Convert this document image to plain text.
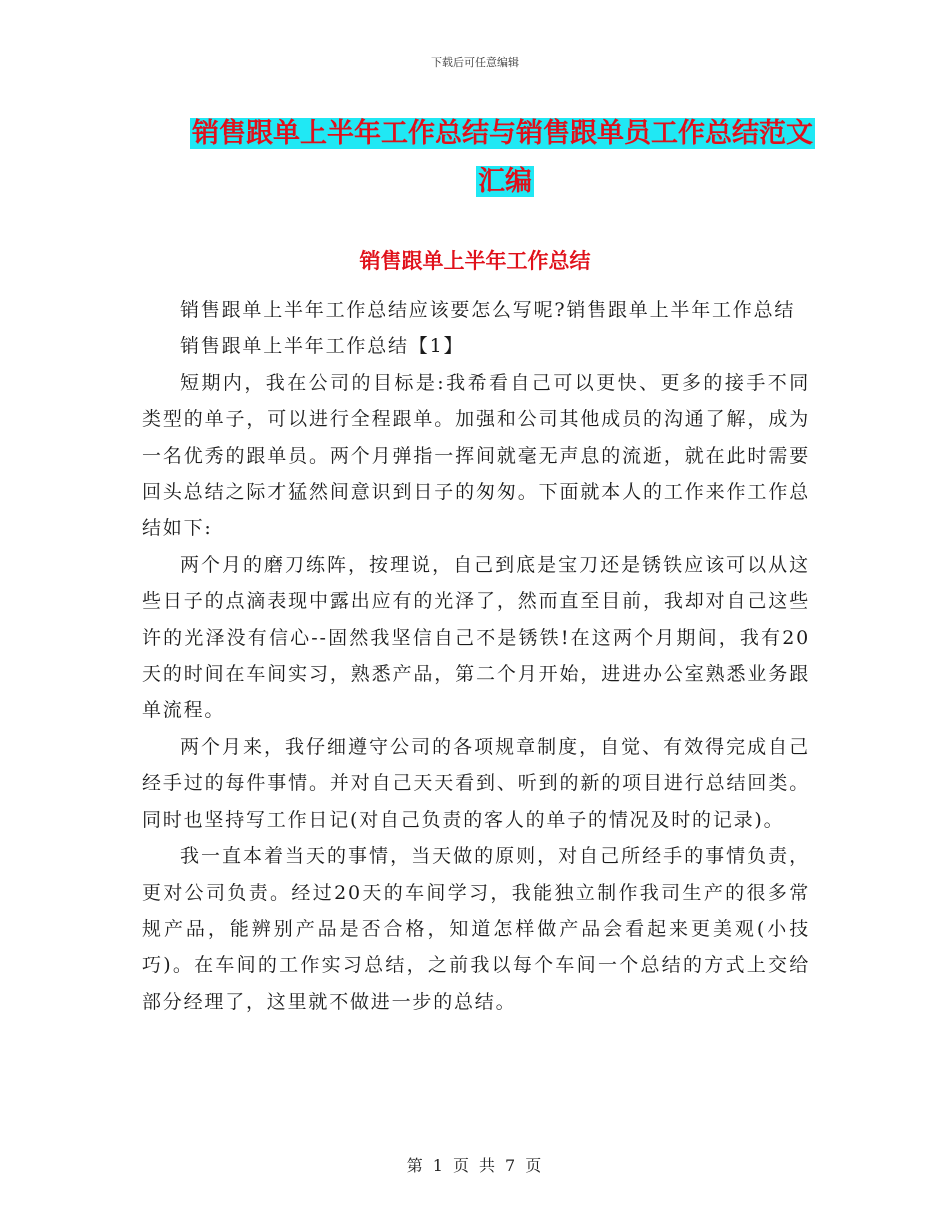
下载后可任意编辑
销售跟单上半年工作总结与销售跟单员工作总结范文
汇编
销售跟单上半年工作总结

销售跟单上半年工作总结应该要怎么写呢?销售跟单上半年工作总结

销售跟单上半年工作总结【1】

短期内，我在公司的目标是:我希看自己可以更快、更多的接手不同类型的单子，可以进行全程跟单。加强和公司其他成员的沟通了解，成为一名优秀的跟单员。两个月弹指一挥间就毫无声息的流逝，就在此时需要回头总结之际才猛然间意识到日子的匆匆。下面就本人的工作来作工作总结如下:

两个月的磨刀练阵，按理说，自己到底是宝刀还是锈铁应该可以从这些日子的点滴表现中露出应有的光泽了，然而直至目前，我却对自己这些许的光泽没有信心--固然我坚信自己不是锈铁!在这两个月期间，我有20天的时间在车间实习，熟悉产品，第二个月开始，进进办公室熟悉业务跟单流程。

两个月来，我仔细遵守公司的各项规章制度，自觉、有效得完成自己经手过的每件事情。并对自己天天看到、听到的新的项目进行总结回类。同时也坚持写工作日记(对自己负责的客人的单子的情况及时的记录)。

我一直本着当天的事情，当天做的原则，对自己所经手的事情负责，更对公司负责。经过20天的车间学习，我能独立制作我司生产的很多常规产品，能辨别产品是否合格，知道怎样做产品会看起来更美观(小技巧)。在车间的工作实习总结，之前我以每个车间一个总结的方式上交给部分经理了，这里就不做进一步的总结。

第 1 页 共 7 页
